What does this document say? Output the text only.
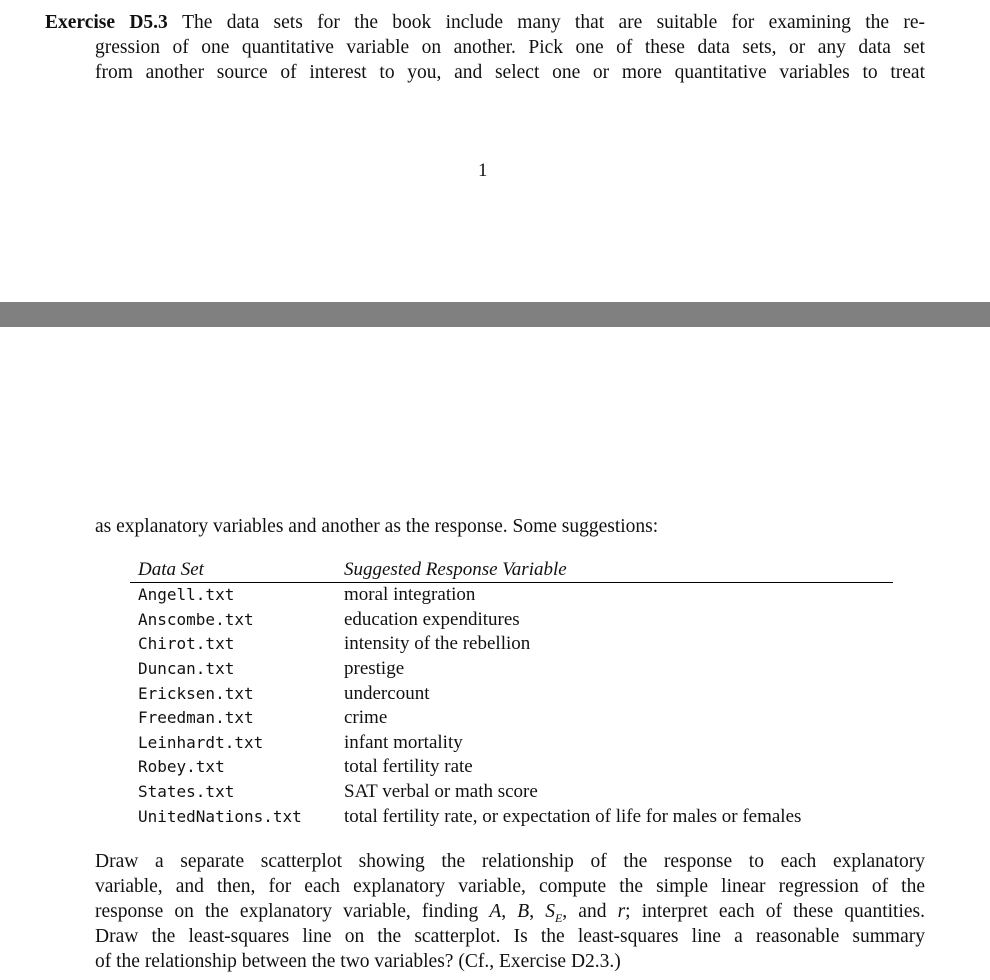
Exercise D5.3 The data sets for the book include many that are suitable for examining the re-
gression of one quantitative variable on another. Pick one of these data sets, or any data set
from another source of interest to you, and select one or more quantitative variables to treat
1
as explanatory variables and another as the response. Some suggestions:
Data Set	Suggested Response Variable
Angell.txt	moral integration
Anscombe.txt	education expenditures
Chirot.txt	intensity of the rebellion
Duncan.txt	prestige
Ericksen.txt	undercount
Freedman.txt	crime
Leinhardt.txt	infant mortality
Robey.txt	total fertility rate
States.txt	SAT verbal or math score
UnitedNations.txt	total fertility rate, or expectation of life for males or females
Draw a separate scatterplot showing the relationship of the response to each explanatory
variable, and then, for each explanatory variable, compute the simple linear regression of the
response on the explanatory variable, finding A, B, $S_E$, and r; interpret each of these quantities.
Draw the least-squares line on the scatterplot. Is the least-squares line a reasonable summary
of the relationship between the two variables? (Cf., Exercise D2.3.)
